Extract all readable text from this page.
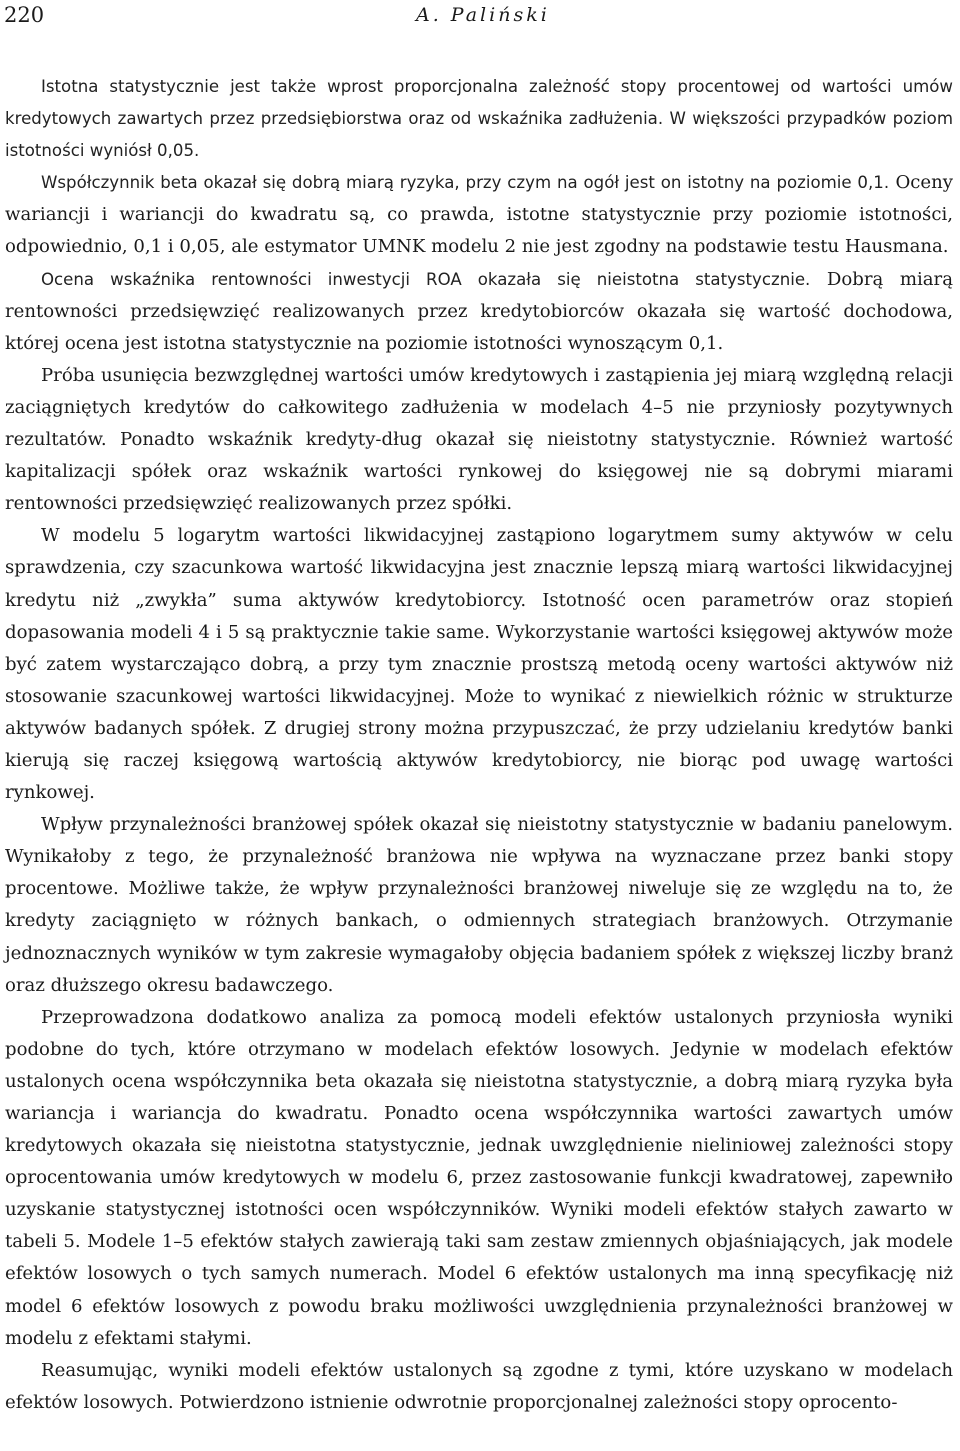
220	A. Paliński

Istotna statystycznie jest także wprost proporcjonalna zależność stopy procentowej od wartości umów kredytowych zawartych przez przedsiębiorstwa oraz od wskaźnika zadłużenia. W większości przypadków poziom istotności wyniósł 0,05.

Współczynnik beta okazał się dobrą miarą ryzyka, przy czym na ogół jest on istotny na poziomie 0,1. Oceny wariancji i wariancji do kwadratu są, co prawda, istotne statystycznie przy poziomie istotności, odpowiednio, 0,1 i 0,05, ale estymator UMNK modelu 2 nie jest zgodny na podstawie testu Hausmana.

Ocena wskaźnika rentowności inwestycji ROA okazała się nieistotna statystycznie. Dobrą miarą rentowności przedsięwzięć realizowanych przez kredytobiorców okazała się wartość dochodowa, której ocena jest istotna statystycznie na poziomie istotności wynoszącym 0,1.

Próba usunięcia bezwzględnej wartości umów kredytowych i zastąpienia jej miarą względną relacji zaciągniętych kredytów do całkowitego zadłużenia w modelach 4–5 nie przyniosły pozytywnych rezultatów. Ponadto wskaźnik kredyty-dług okazał się nieistotny statystycznie. Również wartość kapitalizacji spółek oraz wskaźnik wartości rynkowej do księgowej nie są dobrymi miarami rentowności przedsięwzięć realizowanych przez spółki.

W modelu 5 logarytm wartości likwidacyjnej zastąpiono logarytmem sumy aktywów w celu sprawdzenia, czy szacunkowa wartość likwidacyjna jest znacznie lepszą miarą wartości likwidacyjnej kredytu niż „zwykła” suma aktywów kredytobiorcy. Istotność ocen parametrów oraz stopień dopasowania modeli 4 i 5 są praktycznie takie same. Wykorzystanie wartości księgowej aktywów może być zatem wystarczająco dobrą, a przy tym znacznie prostszą metodą oceny wartości aktywów niż stosowanie szacunkowej wartości likwidacyjnej. Może to wynikać z niewielkich różnic w strukturze aktywów badanych spółek. Z drugiej strony można przypuszczać, że przy udzielaniu kredytów banki kierują się raczej księgową wartością aktywów kredytobiorcy, nie biorąc pod uwagę wartości rynkowej.

Wpływ przynależności branżowej spółek okazał się nieistotny statystycznie w badaniu panelowym. Wynikałoby z tego, że przynależność branżowa nie wpływa na wyznaczane przez banki stopy procentowe. Możliwe także, że wpływ przynależności branżowej niweluje się ze względu na to, że kredyty zaciągnięto w różnych bankach, o odmiennych strategiach branżowych. Otrzymanie jednoznacznych wyników w tym zakresie wymagałoby objęcia badaniem spółek z większej liczby branż oraz dłuższego okresu badawczego.

Przeprowadzona dodatkowo analiza za pomocą modeli efektów ustalonych przyniosła wyniki podobne do tych, które otrzymano w modelach efektów losowych. Jedynie w modelach efektów ustalonych ocena współczynnika beta okazała się nieistotna statystycznie, a dobrą miarą ryzyka była wariancja i wariancja do kwadratu. Ponadto ocena współczynnika wartości zawartych umów kredytowych okazała się nieistotna statystycznie, jednak uwzględnienie nieliniowej zależności stopy oprocentowania umów kredytowych w modelu 6, przez zastosowanie funkcji kwadratowej, zapewniło uzyskanie statystycznej istotności ocen współczynników. Wyniki modeli efektów stałych zawarto w tabeli 5. Modele 1–5 efektów stałych zawierają taki sam zestaw zmiennych objaśniających, jak modele efektów losowych o tych samych numerach. Model 6 efektów ustalonych ma inną specyfikację niż model 6 efektów losowych z powodu braku możliwości uwzględnienia przynależności branżowej w modelu z efektami stałymi.

Reasumując, wyniki modeli efektów ustalonych są zgodne z tymi, które uzyskano w modelach efektów losowych. Potwierdzono istnienie odwrotnie proporcjonalnej zależności stopy oprocento-
